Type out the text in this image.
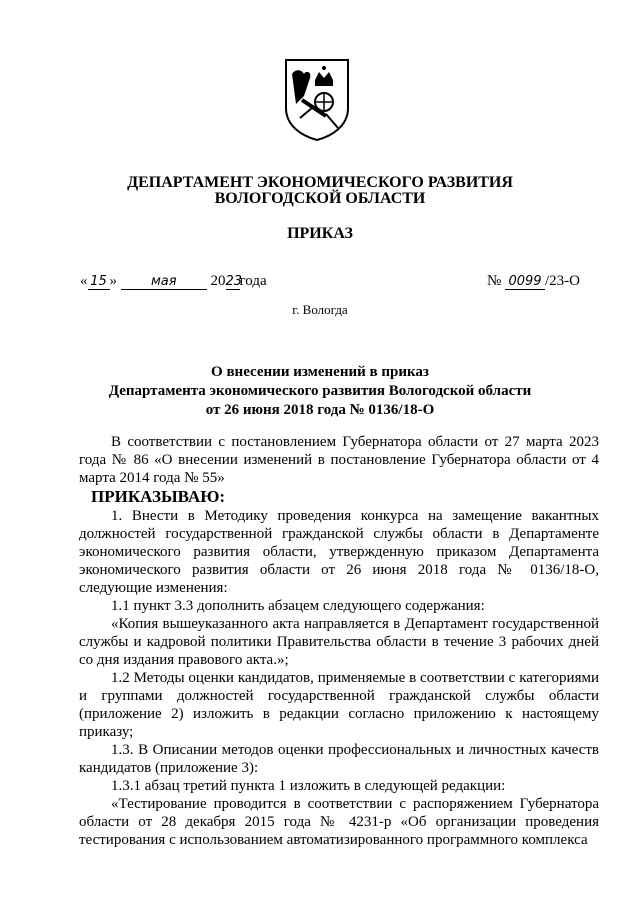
ДЕПАРТАМЕНТ ЭКОНОМИЧЕСКОГО РАЗВИТИЯ
ВОЛОГОДСКОЙ ОБЛАСТИ
ПРИКАЗ
« 15 »	мая 2023года	№ 0099 /23-О
г. Вологда
О внесении изменений в приказ
Департамента экономического развития Вологодской области
от 26 июня 2018 года № 0136/18-О

В соответствии с постановлением Губернатора области от 27 марта 2023 года № 86 «О внесении изменений в постановление Губернатора области от 4 марта 2014 года № 55»

ПРИКАЗЫВАЮ:

1. Внести в Методику проведения конкурса на замещение вакантных должностей государственной гражданской службы области в Департаменте экономического развития области, утвержденную приказом Департамента экономического развития области от 26 июня 2018 года № 0136/18-О, следующие изменения:

1.1 пункт 3.3 дополнить абзацем следующего содержания:

«Копия вышеуказанного акта направляется в Департамент государственной службы и кадровой политики Правительства области в течение 3 рабочих дней со дня издания правового акта.»;

1.2 Методы оценки кандидатов, применяемые в соответствии с категориями и группами должностей государственной гражданской службы области (приложение 2) изложить в редакции согласно приложению к настоящему приказу;

1.3. В Описании методов оценки профессиональных и личностных качеств кандидатов (приложение 3):

1.3.1 абзац третий пункта 1 изложить в следующей редакции:

«Тестирование проводится в соответствии с распоряжением Губернатора области от 28 декабря 2015 года № 4231-р «Об организации проведения тестирования с использованием автоматизированного программного комплекса
